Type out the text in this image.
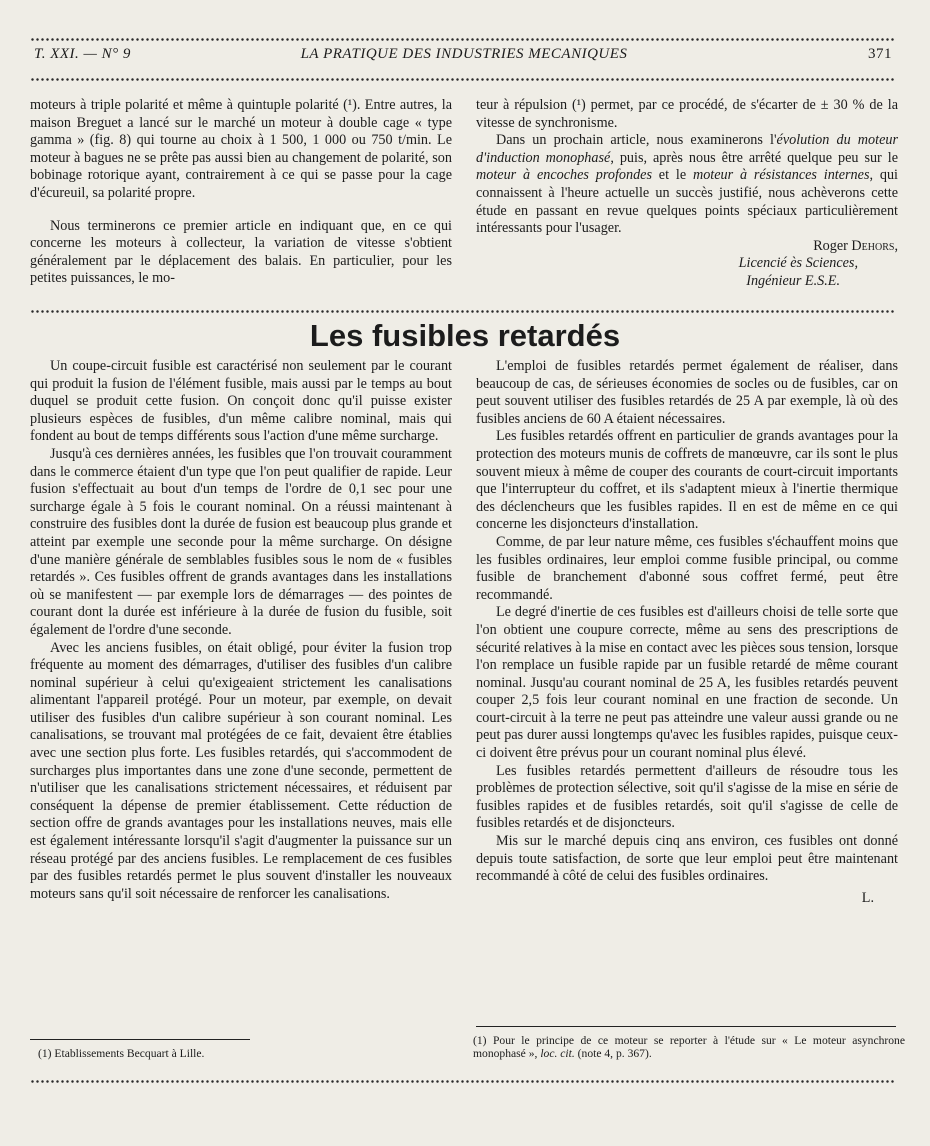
T. XXI. — N° 9	LA PRATIQUE DES INDUSTRIES MECANIQUES	371

moteurs à triple polarité et même à quintuple polarité (¹). Entre autres, la maison Breguet a lancé sur le marché un moteur à double cage « type gamma » (fig. 8) qui tourne au choix à 1 500, 1 000 ou 750 t/min. Le moteur à bagues ne se prête pas aussi bien au changement de polarité, son bobinage rotorique ayant, contrairement à ce qui se passe pour la cage d'écureuil, sa polarité propre.

Nous terminerons ce premier article en indiquant que, en ce qui concerne les moteurs à collecteur, la variation de vitesse s'obtient généralement par le déplacement des balais. En particulier, pour les petites puissances, le mo-

teur à répulsion (¹) permet, par ce procédé, de s'écarter de ± 30 % de la vitesse de synchronisme.

Dans un prochain article, nous examinerons l'évolution du moteur d'induction monophasé, puis, après nous être arrêté quelque peu sur le moteur à encoches profondes et le moteur à résistances internes, qui connaissent à l'heure actuelle un succès justifié, nous achèverons cette étude en passant en revue quelques points spéciaux particulièrement intéressants pour l'usager.

Roger Dehors,
Licencié ès Sciences,
Ingénieur E.S.E.
Les fusibles retardés

Un coupe-circuit fusible est caractérisé non seulement par le courant qui produit la fusion de l'élément fusible, mais aussi par le temps au bout duquel se produit cette fusion. On conçoit donc qu'il puisse exister plusieurs espèces de fusibles, d'un même calibre nominal, mais qui fondent au bout de temps différents sous l'action d'une même surcharge.

Jusqu'à ces dernières années, les fusibles que l'on trouvait couramment dans le commerce étaient d'un type que l'on peut qualifier de rapide. Leur fusion s'effectuait au bout d'un temps de l'ordre de 0,1 sec pour une surcharge égale à 5 fois le courant nominal. On a réussi maintenant à construire des fusibles dont la durée de fusion est beaucoup plus grande et atteint par exemple une seconde pour la même surcharge. On désigne d'une manière générale de semblables fusibles sous le nom de « fusibles retardés ». Ces fusibles offrent de grands avantages dans les installations où se manifestent — par exemple lors de démarrages — des pointes de courant dont la durée est inférieure à la durée de fusion du fusible, soit également de l'ordre d'une seconde.

Avec les anciens fusibles, on était obligé, pour éviter la fusion trop fréquente au moment des démarrages, d'utiliser des fusibles d'un calibre nominal supérieur à celui qu'exigeaient strictement les canalisations alimentant l'appareil protégé. Pour un moteur, par exemple, on devait utiliser des fusibles d'un calibre supérieur à son courant nominal. Les canalisations, se trouvant mal protégées de ce fait, devaient être établies avec une section plus forte. Les fusibles retardés, qui s'accommodent de surcharges plus importantes dans une zone d'une seconde, permettent de n'utiliser que les canalisations strictement nécessaires, et réduisent par conséquent la dépense de premier établissement. Cette réduction de section offre de grands avantages pour les installations neuves, mais elle est également intéressante lorsqu'il s'agit d'augmenter la puissance sur un réseau protégé par des anciens fusibles. Le remplacement de ces fusibles par des fusibles retardés permet le plus souvent d'installer les nouveaux moteurs sans qu'il soit nécessaire de renforcer les canalisations.

L'emploi de fusibles retardés permet également de réaliser, dans beaucoup de cas, de sérieuses économies de socles ou de fusibles, car on peut souvent utiliser des fusibles retardés de 25 A par exemple, là où des fusibles anciens de 60 A étaient nécessaires.

Les fusibles retardés offrent en particulier de grands avantages pour la protection des moteurs munis de coffrets de manœuvre, car ils sont le plus souvent mieux à même de couper des courants de court-circuit importants que l'interrupteur du coffret, et ils s'adaptent mieux à l'inertie thermique des déclencheurs que les fusibles rapides. Il en est de même en ce qui concerne les disjoncteurs d'installation.

Comme, de par leur nature même, ces fusibles s'échauffent moins que les fusibles ordinaires, leur emploi comme fusible principal, ou comme fusible de branchement d'abonné sous coffret fermé, peut être recommandé.

Le degré d'inertie de ces fusibles est d'ailleurs choisi de telle sorte que l'on obtient une coupure correcte, même au sens des prescriptions de sécurité relatives à la mise en contact avec les pièces sous tension, lorsque l'on remplace un fusible rapide par un fusible retardé de même courant nominal. Jusqu'au courant nominal de 25 A, les fusibles retardés peuvent couper 2,5 fois leur courant nominal en une fraction de seconde. Un court-circuit à la terre ne peut pas atteindre une valeur aussi grande ou ne peut pas durer aussi longtemps qu'avec les fusibles rapides, puisque ceux-ci doivent être prévus pour un courant nominal plus élevé.

Les fusibles retardés permettent d'ailleurs de résoudre tous les problèmes de protection sélective, soit qu'il s'agisse de la mise en série de fusibles rapides et de fusibles retardés, soit qu'il s'agisse de celle de fusibles retardés et de disjoncteurs.

Mis sur le marché depuis cinq ans environ, ces fusibles ont donné depuis toute satisfaction, de sorte que leur emploi peut être maintenant recommandé à côté de celui des fusibles ordinaires.

L.
(1) Etablissements Becquart à Lille.
(1) Pour le principe de ce moteur se reporter à l'étude sur « Le moteur asynchrone monophasé », loc. cit. (note 4, p. 367).
